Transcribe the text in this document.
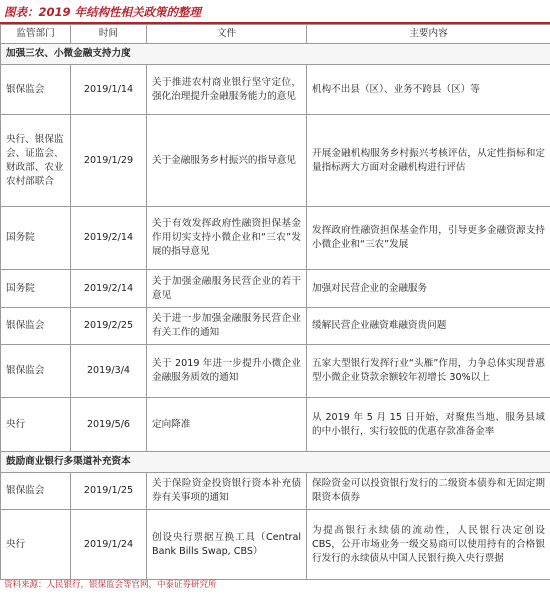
图表：2019 年结构性相关政策的整理
监管部门	时间	文件	主要内容
加强三农、小微金融支持力度			
银保监会	2019/1/14	关于推进农村商业银行坚守定位，强化治理提升金融服务能力的意见	机构不出县（区）、业务不跨县（区）等
央行、银保监会、证监会、财政部、农业农村部联合	2019/1/29	关于金融服务乡村振兴的指导意见	开展金融机构服务乡村振兴考核评估，从定性指标和定量指标两大方面对金融机构进行评估
国务院	2019/2/14	关于有效发挥政府性融资担保基金作用切实支持小微企业和“三农”发展的指导意见	发挥政府性融资担保基金作用，引导更多金融资源支持小微企业和“三农”发展
国务院	2019/2/14	关于加强金融服务民营企业的若干意见	加强对民营企业的金融服务
银保监会	2019/2/25	关于进一步加强金融服务民营企业有关工作的通知	缓解民营企业融资难融资贵问题
银保监会	2019/3/4	关于 2019 年进一步提升小微企业金融服务质效的通知	五家大型银行发挥行业“头雁”作用，力争总体实现普惠型小微企业贷款余额较年初增长 30%以上
央行	2019/5/6	定向降准	从 2019 年 5 月 15 日开始，对聚焦当地、服务县域的中小银行，实行较低的优惠存款准备金率
鼓励商业银行多渠道补充资本			
银保监会	2019/1/25	关于保险资金投资银行资本补充债券有关事项的通知	保险资金可以投资银行发行的二级资本债券和无固定期限资本债券
央行	2019/1/24	创设央行票据互换工具（Central Bank Bills Swap, CBS）	为提高银行永续债的流动性，人民银行决定创设 CBS，公开市场业务一级交易商可以使用持有的合格银行发行的永续债从中国人民银行换入央行票据
资料来源：人民银行，银保监会等官网，中泰证券研究所
